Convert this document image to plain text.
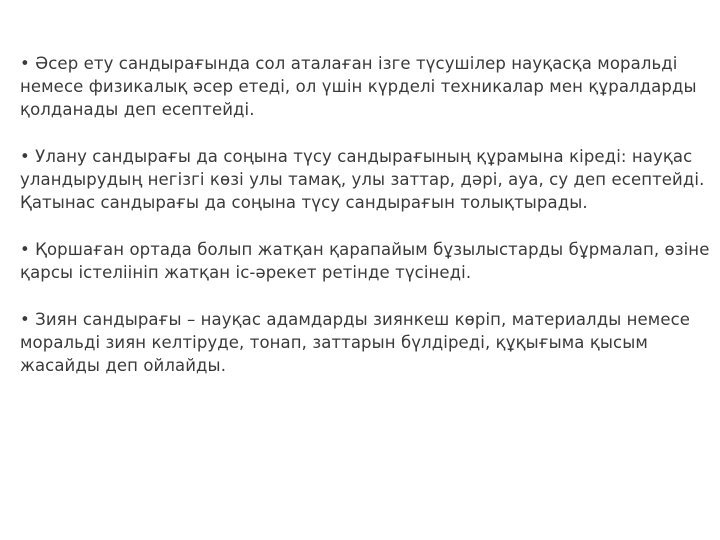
• Әсер ету сандырағында сол аталаған ізге түсушілер науқасқа моральді немесе физикалық әсер етеді, ол үшін күрделі техникалар мен құралдарды қолданады деп есептейді.

• Улану сандырағы да соңына түсу сандырағының құрамына кіреді: науқас уландырудың негізгі көзі улы тамақ, улы заттар, дәрі, ауа, су деп есептейді. Қатынас сандырағы да соңына түсу сандырағын толықтырады.

• Қоршаған ортада болып жатқан қарапайым бұзылыстарды бұрмалап, өзіне қарсы істеліініп жатқан іс-әрекет ретінде түсінеді.

• Зиян сандырағы – науқас адамдарды зиянкеш көріп, материалды немесе моральді зиян келтіруде, тонап, заттарын бүлдіреді, құқығыма қысым жасайды деп ойлайды.
